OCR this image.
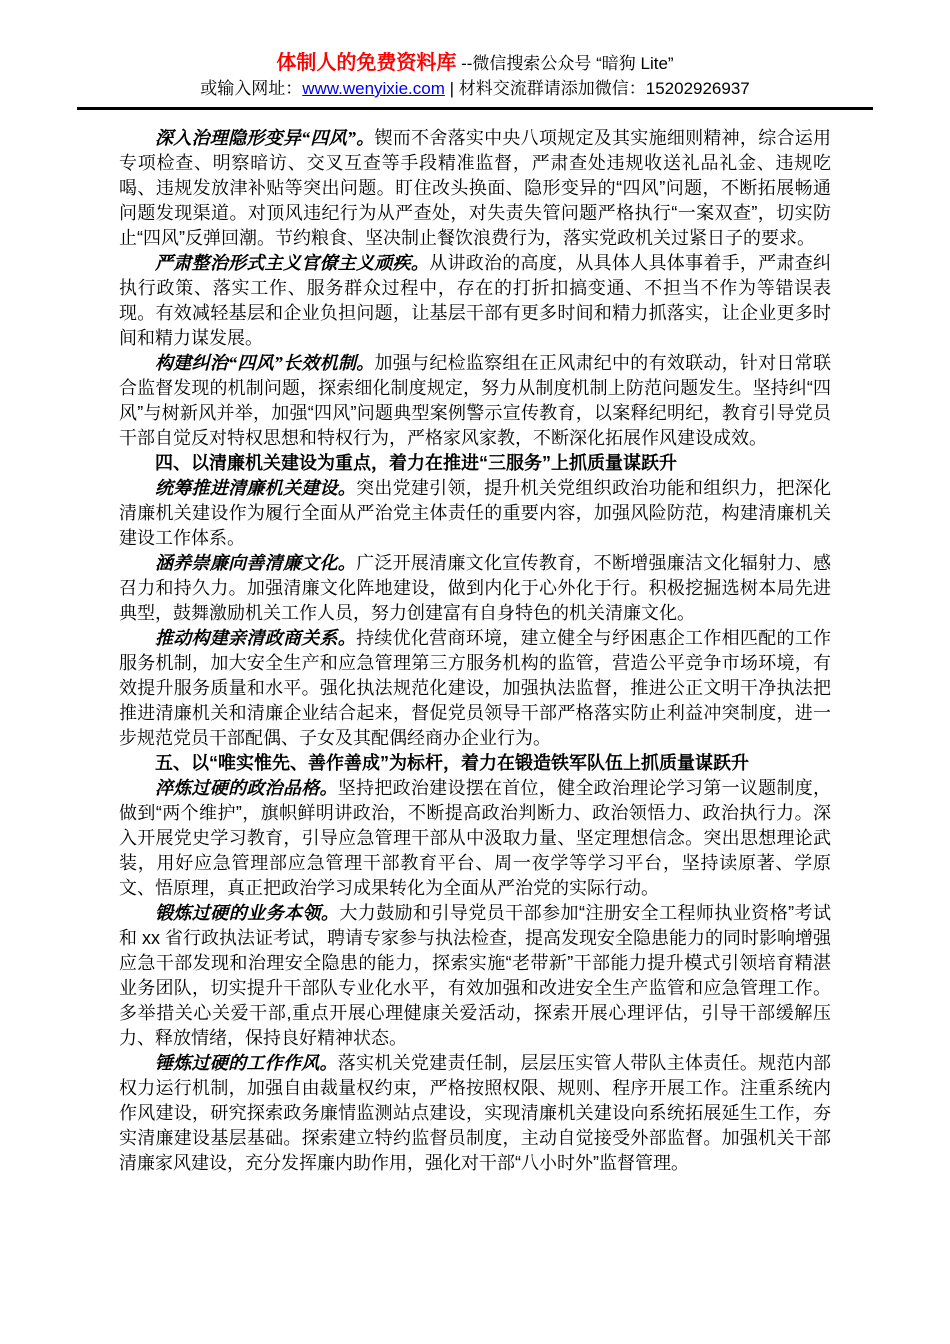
体制人的免费资料库 --微信搜索公众号 “暗狗 Lite”
或输入网址：www.wenyixie.com | 材料交流群请添加微信：15202926937

深入治理隐形变异“四风”。锲而不舍落实中央八项规定及其实施细则精神，综合运用专项检查、明察暗访、交叉互查等手段精准监督，严肃查处违规收送礼品礼金、违规吃喝、违规发放津补贴等突出问题。盯住改头换面、隐形变异的“四风”问题，不断拓展畅通问题发现渠道。对顶风违纪行为从严查处，对失责失管问题严格执行“一案双查”，切实防止“四风”反弹回潮。节约粮食、坚决制止餐饮浪费行为，落实党政机关过紧日子的要求。

严肃整治形式主义官僚主义顽疾。从讲政治的高度，从具体人具体事着手，严肃查纠执行政策、落实工作、服务群众过程中，存在的打折扣搞变通、不担当不作为等错误表现。有效减轻基层和企业负担问题，让基层干部有更多时间和精力抓落实，让企业更多时间和精力谋发展。

构建纠治“四风”长效机制。加强与纪检监察组在正风肃纪中的有效联动，针对日常联合监督发现的机制问题，探索细化制度规定，努力从制度机制上防范问题发生。坚持纠“四风”与树新风并举，加强“四风”问题典型案例警示宣传教育，以案释纪明纪，教育引导党员干部自觉反对特权思想和特权行为，严格家风家教，不断深化拓展作风建设成效。

四、以清廉机关建设为重点，着力在推进“三服务”上抓质量谋跃升

统筹推进清廉机关建设。突出党建引领，提升机关党组织政治功能和组织力，把深化清廉机关建设作为履行全面从严治党主体责任的重要内容，加强风险防范，构建清廉机关建设工作体系。

涵养崇廉向善清廉文化。广泛开展清廉文化宣传教育，不断增强廉洁文化辐射力、感召力和持久力。加强清廉文化阵地建设，做到内化于心外化于行。积极挖掘选树本局先进典型，鼓舞激励机关工作人员，努力创建富有自身特色的机关清廉文化。

推动构建亲清政商关系。持续优化营商环境，建立健全与纾困惠企工作相匹配的工作服务机制，加大安全生产和应急管理第三方服务机构的监管，营造公平竞争市场环境，有效提升服务质量和水平。强化执法规范化建设，加强执法监督，推进公正文明干净执法把推进清廉机关和清廉企业结合起来，督促党员领导干部严格落实防止利益冲突制度，进一步规范党员干部配偶、子女及其配偶经商办企业行为。

五、以“唯实惟先、善作善成”为标杆，着力在锻造铁军队伍上抓质量谋跃升

淬炼过硬的政治品格。坚持把政治建设摆在首位，健全政治理论学习第一议题制度，做到“两个维护”，旗帜鲜明讲政治，不断提高政治判断力、政治领悟力、政治执行力。深入开展党史学习教育，引导应急管理干部从中汲取力量、坚定理想信念。突出思想理论武装，用好应急管理部应急管理干部教育平台、周一夜学等学习平台，坚持读原著、学原文、悟原理，真正把政治学习成果转化为全面从严治党的实际行动。

锻炼过硬的业务本领。大力鼓励和引导党员干部参加“注册安全工程师执业资格”考试和 xx 省行政执法证考试，聘请专家参与执法检查，提高发现安全隐患能力的同时影响增强应急干部发现和治理安全隐患的能力，探索实施“老带新”干部能力提升模式引领培育精湛业务团队，切实提升干部队专业化水平，有效加强和改进安全生产监管和应急管理工作。多举措关心关爱干部,重点开展心理健康关爱活动，探索开展心理评估，引导干部缓解压力、释放情绪，保持良好精神状态。

锤炼过硬的工作作风。落实机关党建责任制，层层压实管人带队主体责任。规范内部权力运行机制，加强自由裁量权约束，严格按照权限、规则、程序开展工作。注重系统内作风建设，研究探索政务廉情监测站点建设，实现清廉机关建设向系统拓展延生工作，夯实清廉建设基层基础。探索建立特约监督员制度，主动自觉接受外部监督。加强机关干部清廉家风建设，充分发挥廉内助作用，强化对干部“八小时外”监督管理。
